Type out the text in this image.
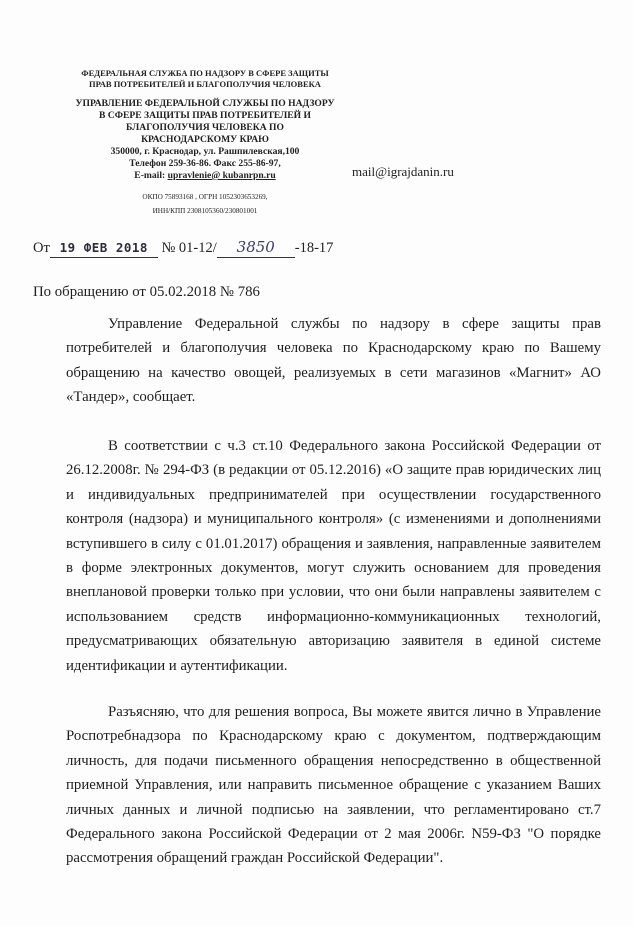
ФЕДЕРАЛЬНАЯ СЛУЖБА ПО НАДЗОРУ В СФЕРЕ ЗАЩИТЫ
ПРАВ ПОТРЕБИТЕЛЕЙ И БЛАГОПОЛУЧИЯ ЧЕЛОВЕКА
УПРАВЛЕНИЕ ФЕДЕРАЛЬНОЙ СЛУЖБЫ ПО НАДЗОРУ
В СФЕРЕ ЗАЩИТЫ ПРАВ ПОТРЕБИТЕЛЕЙ И
БЛАГОПОЛУЧИЯ ЧЕЛОВЕКА ПО
КРАСНОДАРСКОМУ КРАЮ
350000, г. Краснодар, ул. Рашпилевская,100
Телефон 259-36-86. Факс 255-86-97,
E-mail: upravlenie@ kubanrpn.ru
ОКПО 75893168 , ОГРН 1052303653269,
ИНН/КПП 2308105360/230801001
mail@igrajdanin.ru
От 19 ФЕВ 2018 № 01-12/ 3850 -18-17
По обращению от 05.02.2018 № 786

Управление Федеральной службы по надзору в сфере защиты прав потребителей и благополучия человека по Краснодарскому краю по Вашему обращению на качество овощей, реализуемых в сети магазинов «Магнит» АО «Тандер», сообщает.

В соответствии с ч.3 ст.10 Федерального закона Российской Федерации от 26.12.2008г. № 294-ФЗ (в редакции от 05.12.2016) «О защите прав юридических лиц и индивидуальных предпринимателей при осуществлении государственного контроля (надзора) и муниципального контроля» (с изменениями и дополнениями вступившего в силу с 01.01.2017) обращения и заявления, направленные заявителем в форме электронных документов, могут служить основанием для проведения внеплановой проверки только при условии, что они были направлены заявителем с использованием средств информационно-коммуникационных технологий, предусматривающих обязательную авторизацию заявителя в единой системе идентификации и аутентификации.

Разъясняю, что для решения вопроса, Вы можете явится лично в Управление Роспотребнадзора по Краснодарскому краю с документом, подтверждающим личность, для подачи письменного обращения непосредственно в общественной приемной Управления, или направить письменное обращение с указанием Ваших личных данных и личной подписью на заявлении, что регламентировано ст.7 Федерального закона Российской Федерации от 2 мая 2006г. N59-ФЗ "О порядке рассмотрения обращений граждан Российской Федерации".
